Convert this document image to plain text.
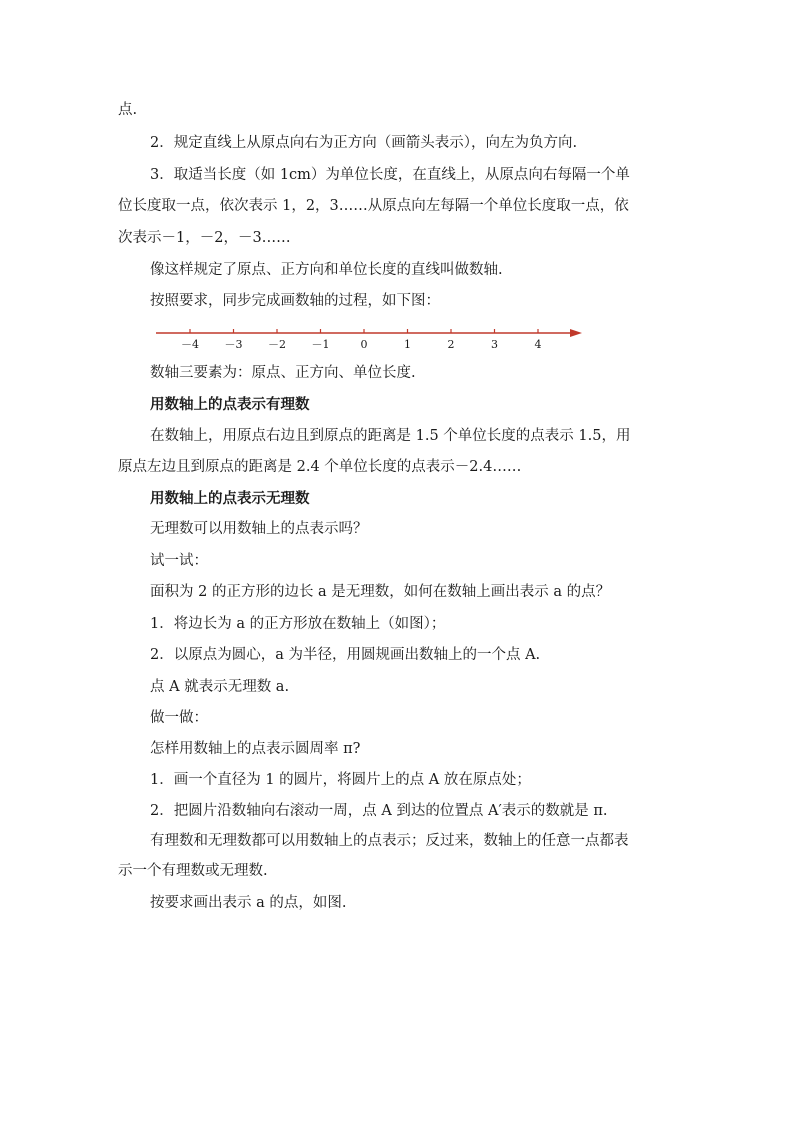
点.
2．规定直线上从原点向右为正方向（画箭头表示），向左为负方向.
3．取适当长度（如 1cm）为单位长度，在直线上，从原点向右每隔一个单
位长度取一点，依次表示 1，2，3……从原点向左每隔一个单位长度取一点，依
次表示－1，－2，－3……
像这样规定了原点、正方向和单位长度的直线叫做数轴.
按照要求，同步完成画数轴的过程，如下图：
－4 －3 －2 －1	0	1	2	3	4
数轴三要素为：原点、正方向、单位长度.
用数轴上的点表示有理数
在数轴上，用原点右边且到原点的距离是 1.5 个单位长度的点表示 1.5，用
原点左边且到原点的距离是 2.4 个单位长度的点表示－2.4……
用数轴上的点表示无理数
无理数可以用数轴上的点表示吗？
试一试：
面积为 2 的正方形的边长 a 是无理数，如何在数轴上画出表示 a 的点？
1．将边长为 a 的正方形放在数轴上（如图）；
2．以原点为圆心，a 为半径，用圆规画出数轴上的一个点 A.
点 A 就表示无理数 a.
做一做：
怎样用数轴上的点表示圆周率 π?
1．画一个直径为 1 的圆片，将圆片上的点 A 放在原点处；
2．把圆片沿数轴向右滚动一周，点 A 到达的位置点 A′表示的数就是 π.
有理数和无理数都可以用数轴上的点表示；反过来，数轴上的任意一点都表
示一个有理数或无理数.
按要求画出表示 a 的点，如图.
